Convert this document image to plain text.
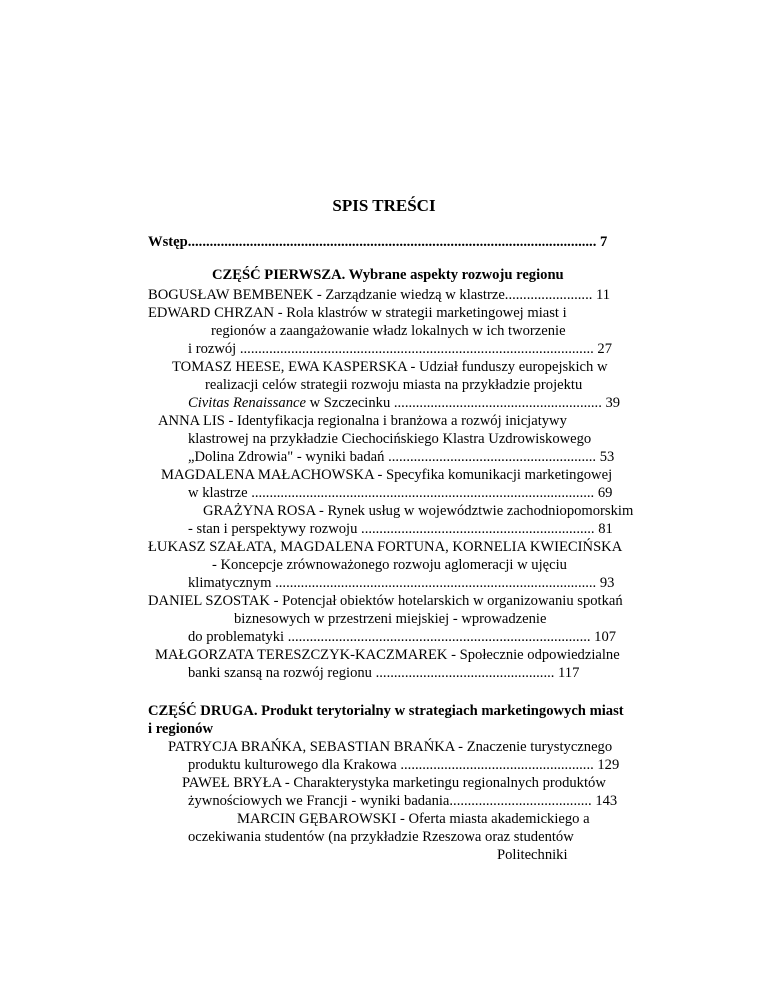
SPIS TREŚCI
Wstęp................................................................................................................ 7
CZĘŚĆ PIERWSZA. Wybrane aspekty rozwoju regionu
BOGUSŁAW BEMBENEK - Zarządzanie wiedzą w klastrze........................ 11
EDWARD CHRZAN - Rola klastrów w strategii marketingowej miast i
regionów a zaangażowanie władz lokalnych w ich tworzenie
i rozwój ................................................................................................. 27
TOMASZ HEESE, EWA KASPERSKA - Udział funduszy europejskich w
realizacji celów strategii rozwoju miasta na przykładzie projektu
Civitas Renaissance w Szczecinku ......................................................... 39
ANNA LIS - Identyfikacja regionalna i branżowa a rozwój inicjatywy
klastrowej na przykładzie Ciechocińskiego Klastra Uzdrowiskowego
„Dolina Zdrowia" - wyniki badań ......................................................... 53
MAGDALENA MAŁACHOWSKA - Specyfika komunikacji marketingowej
w klastrze .............................................................................................. 69
GRAŻYNA ROSA - Rynek usług w województwie zachodniopomorskim
- stan i perspektywy rozwoju ................................................................ 81
ŁUKASZ SZAŁATA, MAGDALENA FORTUNA, KORNELIA KWIECIŃSKA
- Koncepcje zrównoważonego rozwoju aglomeracji w ujęciu
klimatycznym ........................................................................................ 93
DANIEL SZOSTAK - Potencjał obiektów hotelarskich w organizowaniu spotkań
biznesowych w przestrzeni miejskiej - wprowadzenie
do problematyki ................................................................................... 107
MAŁGORZATA TERESZCZYK-KACZMAREK - Społecznie odpowiedzialne
banki szansą na rozwój regionu ................................................. 117
CZĘŚĆ DRUGA. Produkt terytorialny w strategiach marketingowych miast
i regionów
PATRYCJA BRAŃKA, SEBASTIAN BRAŃKA - Znaczenie turystycznego
produktu kulturowego dla Krakowa ..................................................... 129
PAWEŁ BRYŁA - Charakterystyka marketingu regionalnych produktów
żywnościowych we Francji - wyniki badania....................................... 143
MARCIN GĘBAROWSKI - Oferta miasta akademickiego a
oczekiwania studentów (na przykładzie Rzeszowa oraz studentów
Politechniki
